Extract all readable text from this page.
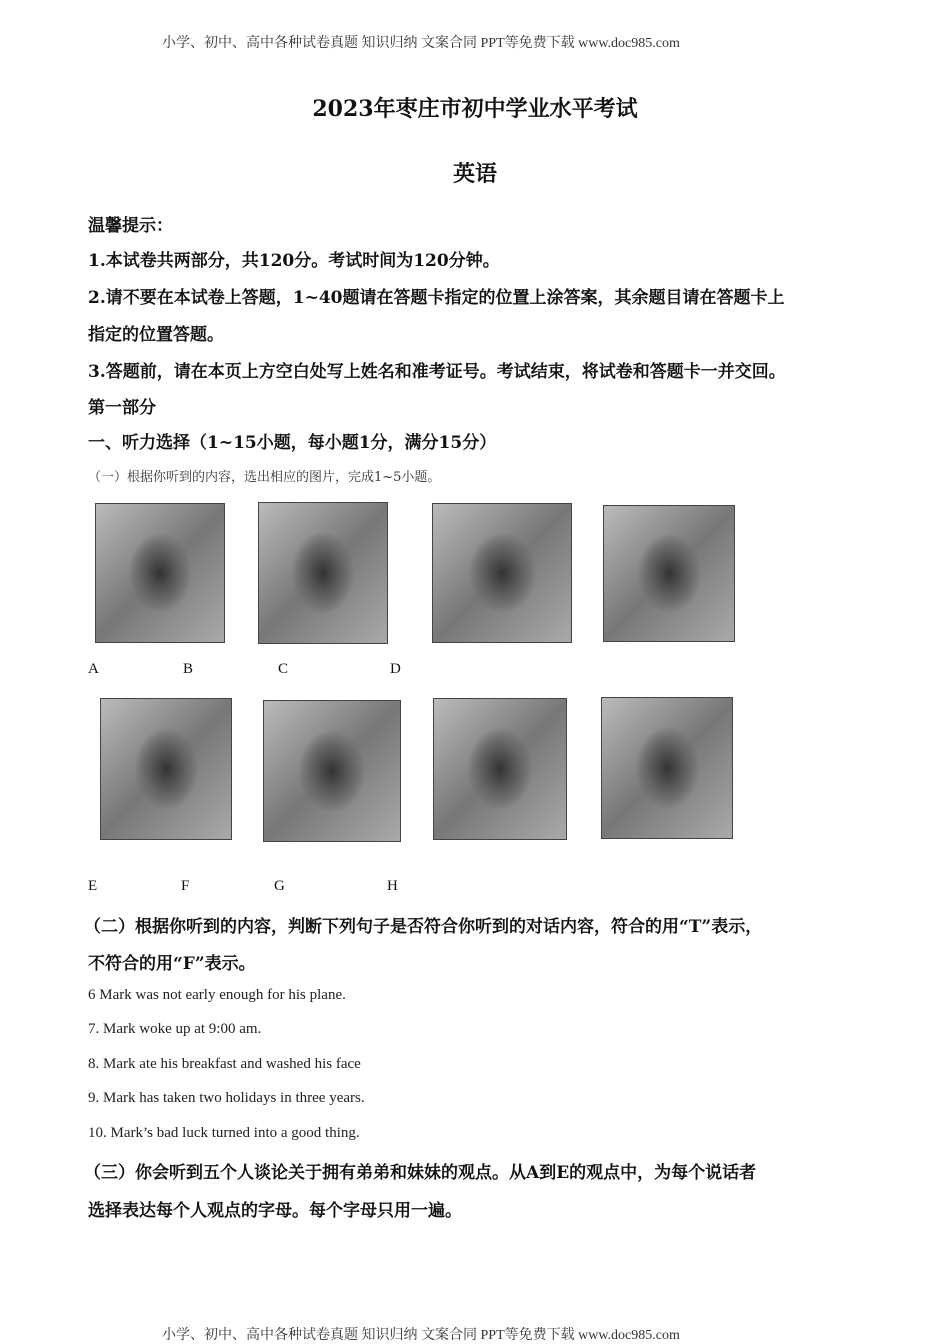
小学、初中、高中各种试卷真题 知识归纳 文案合同 PPT等免费下载 www.doc985.com
2023年枣庄市初中学业水平考试
英语
温馨提示：
1.本试卷共两部分，共120分。考试时间为120分钟。
2.请不要在本试卷上答题，1~40题请在答题卡指定的位置上涂答案，其余题目请在答题卡上
指定的位置答题。
3.答题前，请在本页上方空白处写上姓名和准考证号。考试结束，将试卷和答题卡一并交回。
第一部分
一、听力选择（1~15小题，每小题1分，满分15分）
（一）根据你听到的内容，选出相应的图片，完成1~5小题。
A	B	C	D
E	F	G	H
（二）根据你听到的内容，判断下列句子是否符合你听到的对话内容，符合的用“T”表示，
不符合的用“F”表示。
6 Mark was not early enough for his plane.
7. Mark woke up at 9:00 am.
8. Mark ate his breakfast and washed his face
9. Mark has taken two holidays in three years.
10. Mark’s bad luck turned into a good thing.
（三）你会听到五个人谈论关于拥有弟弟和妹妹的观点。从A到E的观点中，为每个说话者
选择表达每个人观点的字母。每个字母只用一遍。
小学、初中、高中各种试卷真题 知识归纳 文案合同 PPT等免费下载 www.doc985.com
